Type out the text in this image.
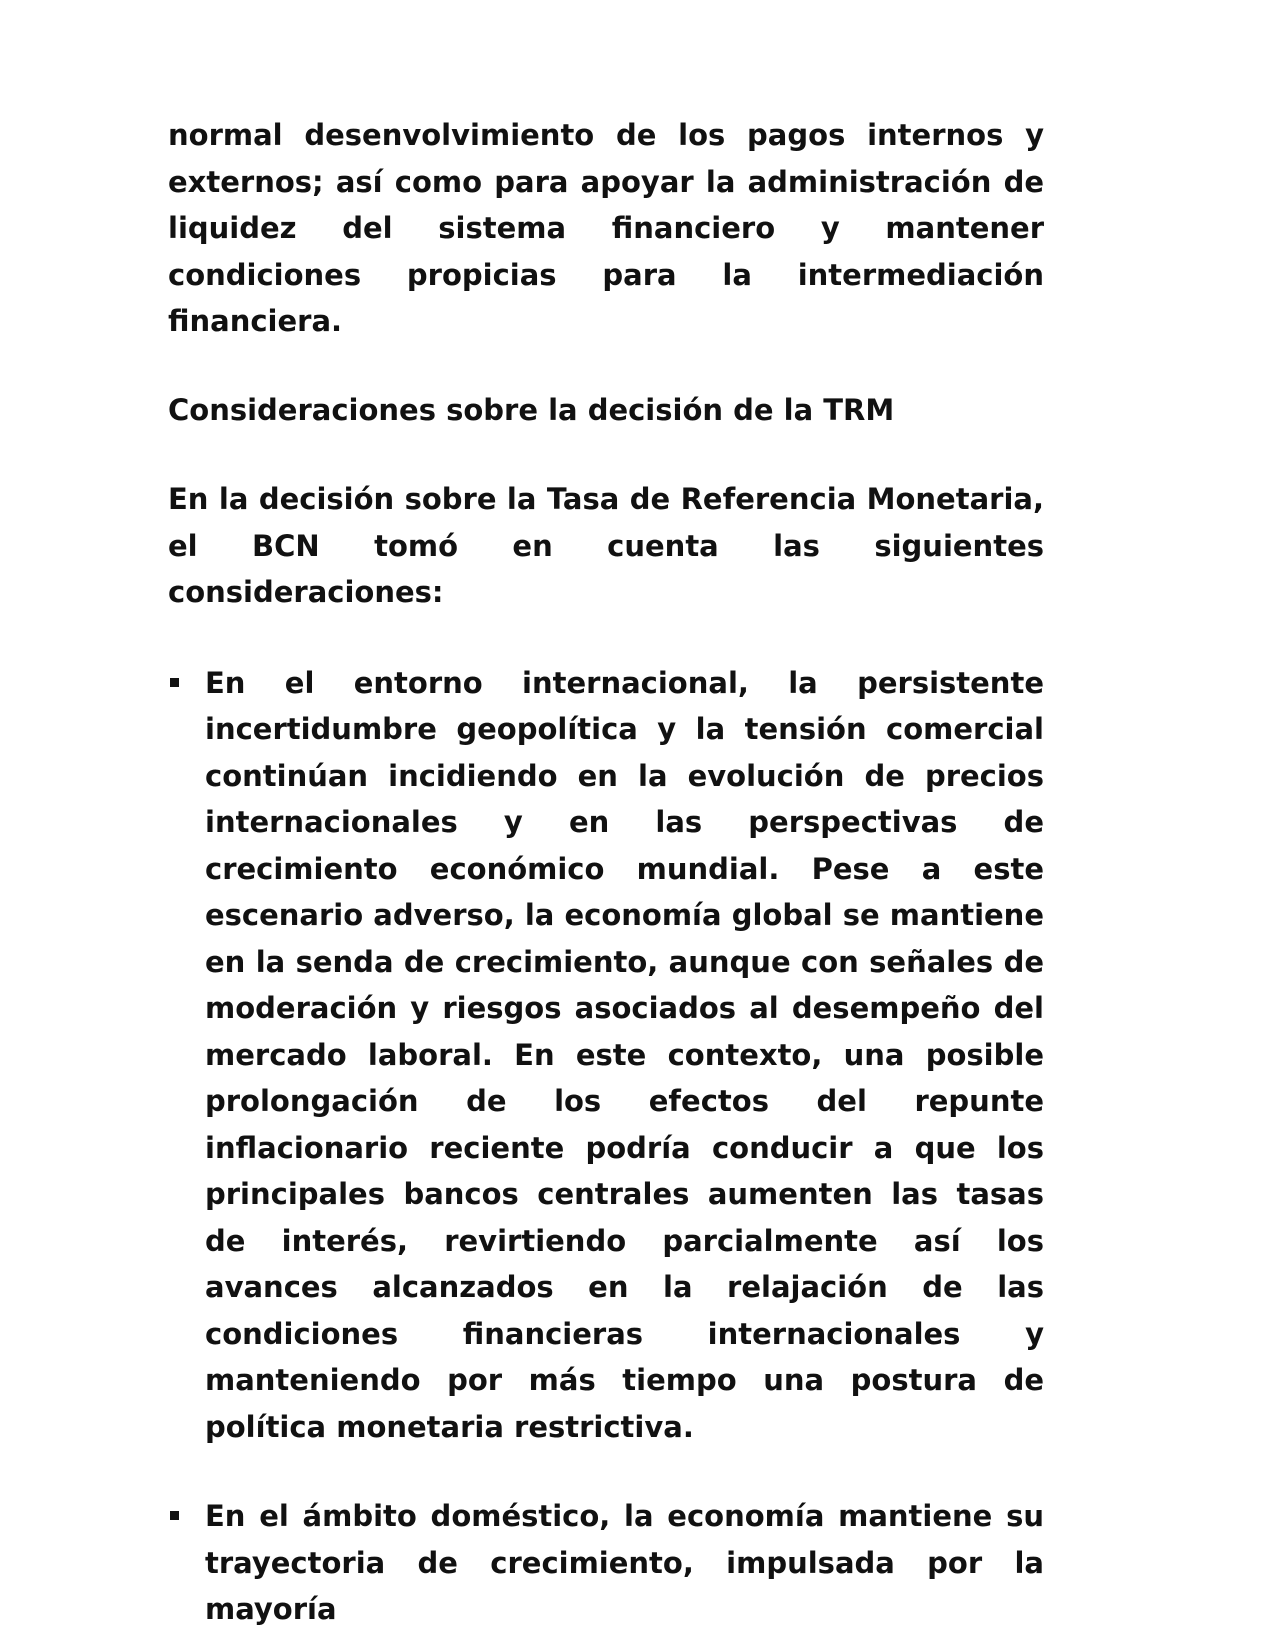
normal desenvolvimiento de los pagos internos y externos; así como para apoyar la administración de liquidez del sistema financiero y mantener condiciones propicias para la intermediación financiera.

Consideraciones sobre la decisión de la TRM

En la decisión sobre la Tasa de Referencia Monetaria, el BCN tomó en cuenta las siguientes consideraciones:

En el entorno internacional, la persistente incertidumbre geopolítica y la tensión comercial continúan incidiendo en la evolución de precios internacionales y en las perspectivas de crecimiento económico mundial. Pese a este escenario adverso, la economía global se mantiene en la senda de crecimiento, aunque con señales de moderación y riesgos asociados al desempeño del mercado laboral. En este contexto, una posible prolongación de los efectos del repunte inflacionario reciente podría conducir a que los principales bancos centrales aumenten las tasas de interés, revirtiendo parcialmente así los avances alcanzados en la relajación de las condiciones financieras internacionales y manteniendo por más tiempo una postura de política monetaria restrictiva.
En el ámbito doméstico, la economía mantiene su trayectoria de crecimiento, impulsada por la mayoría
